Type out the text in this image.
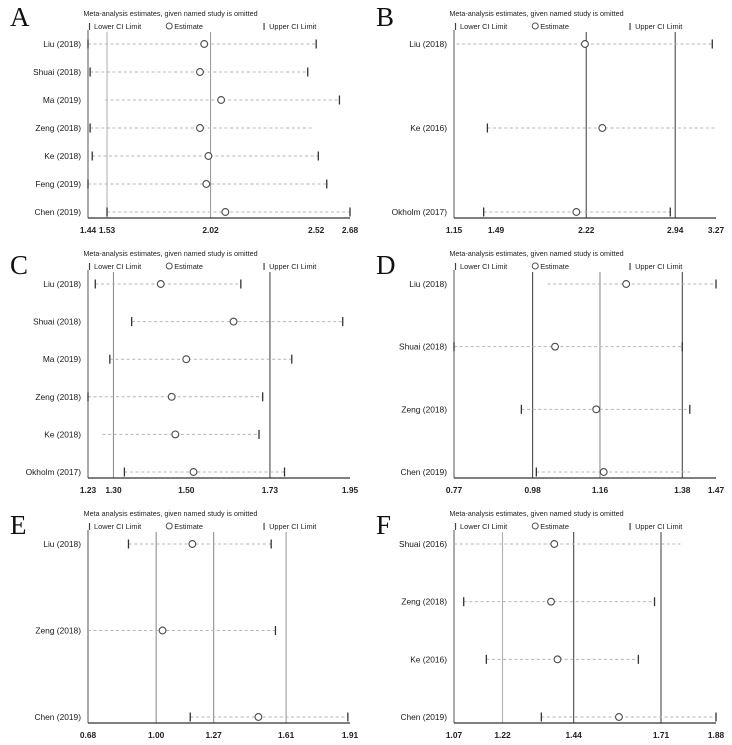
A	Meta-analysis estimates, given named study is omitted
Lower CI Limit	Estimate	Upper CI Limit
Liu (2018)
Shuai (2018)
Ma (2019)
Zeng (2018)
Ke (2018)
Feng (2019)
Chen (2019)
1.44 1.53	2.02	2.52 2.68
B	Meta-analysis estimates, given named study is omitted
Lower CI Limit	Estimate	Upper CI Limit
Liu (2018)
Ke (2016)
Okholm (2017)
1.15	1.49	2.22	2.94	3.27
C	Meta-analysis estimates, given named study is omitted
Lower CI Limit	Estimate	Upper CI Limit
Liu (2018)
Shuai (2018)
Ma (2019)
Zeng (2018)
Ke (2018)
Okholm (2017)
1.23 1.30	1.50	1.73	1.95
D	Meta-analysis estimates, given named study is omitted
Lower CI Limit	Estimate	Upper CI Limit
Liu (2018)
Shuai (2018)
Zeng (2018)
Chen (2019)
0.77	0.98	1.16	1.38 1.47
E	Meta analysis estimates, given named study is omitted
Lower CI Limit	Estimate	Upper CI Limit
Liu (2018)
Zeng (2018)
Chen (2019)
0.68	1.00	1.27	1.61	1.91
F	Meta-analysis estimates, given named study is omitted
Lower CI Limit	Estimate	Upper CI Limit
Shuai (2016)
Zeng (2018)
Ke (2016)
Chen (2019)
1.07	1.22	1.44	1.71	1.88
